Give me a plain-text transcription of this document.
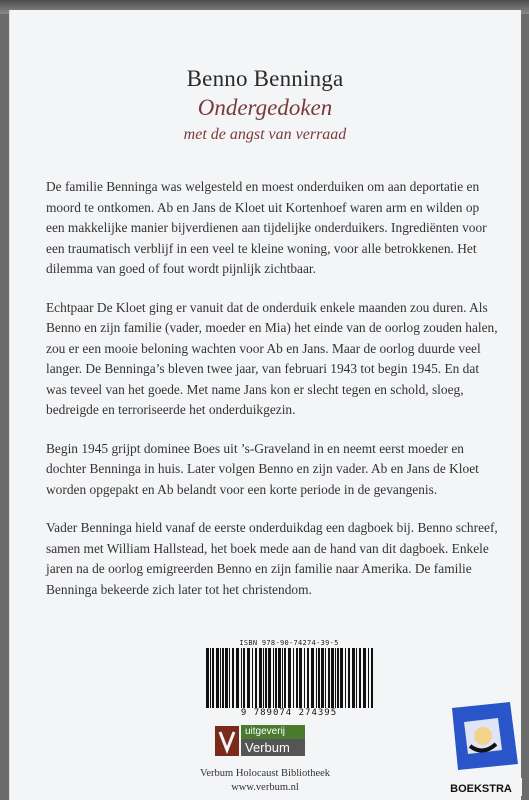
Benno Benninga
Ondergedoken
met de angst van verraad

De familie Benninga was welgesteld en moest onderduiken om aan deportatie en moord te ontkomen. Ab en Jans de Kloet uit Kortenhoef waren arm en wilden op een makkelijke manier bijverdienen aan tijdelijke onderduikers. Ingrediënten voor een traumatisch verblijf in een veel te kleine woning, voor alle betrokkenen. Het dilemma van goed of fout wordt pijnlijk zichtbaar.

Echtpaar De Kloet ging er vanuit dat de onderduik enkele maanden zou duren. Als Benno en zijn familie (vader, moeder en Mia) het einde van de oorlog zouden halen, zou er een mooie beloning wachten voor Ab en Jans. Maar de oorlog duurde veel langer. De Benninga’s bleven twee jaar, van februari 1943 tot begin 1945. En dat was teveel van het goede. Met name Jans kon er slecht tegen en schold, sloeg, bedreigde en terroriseerde het onderduikgezin.

Begin 1945 grijpt dominee Boes uit ’s-Graveland in en neemt eerst moeder en dochter Benninga in huis. Later volgen Benno en zijn vader. Ab en Jans de Kloet worden opgepakt en Ab belandt voor een korte periode in de gevangenis.

Vader Benninga hield vanaf de eerste onderduikdag een dagboek bij. Benno schreef, samen met William Hallstead, het boek mede aan de hand van dit dagboek. Enkele jaren na de oorlog emigreerden Benno en zijn familie naar Amerika. De familie Benninga bekeerde zich later tot het christendom.

ISBN 978-90-74274-39-5
9 789074 274395
uitgeverij
Verbum
Verbum Holocaust Bibliotheek
www.verbum.nl	BOEKSTRA
